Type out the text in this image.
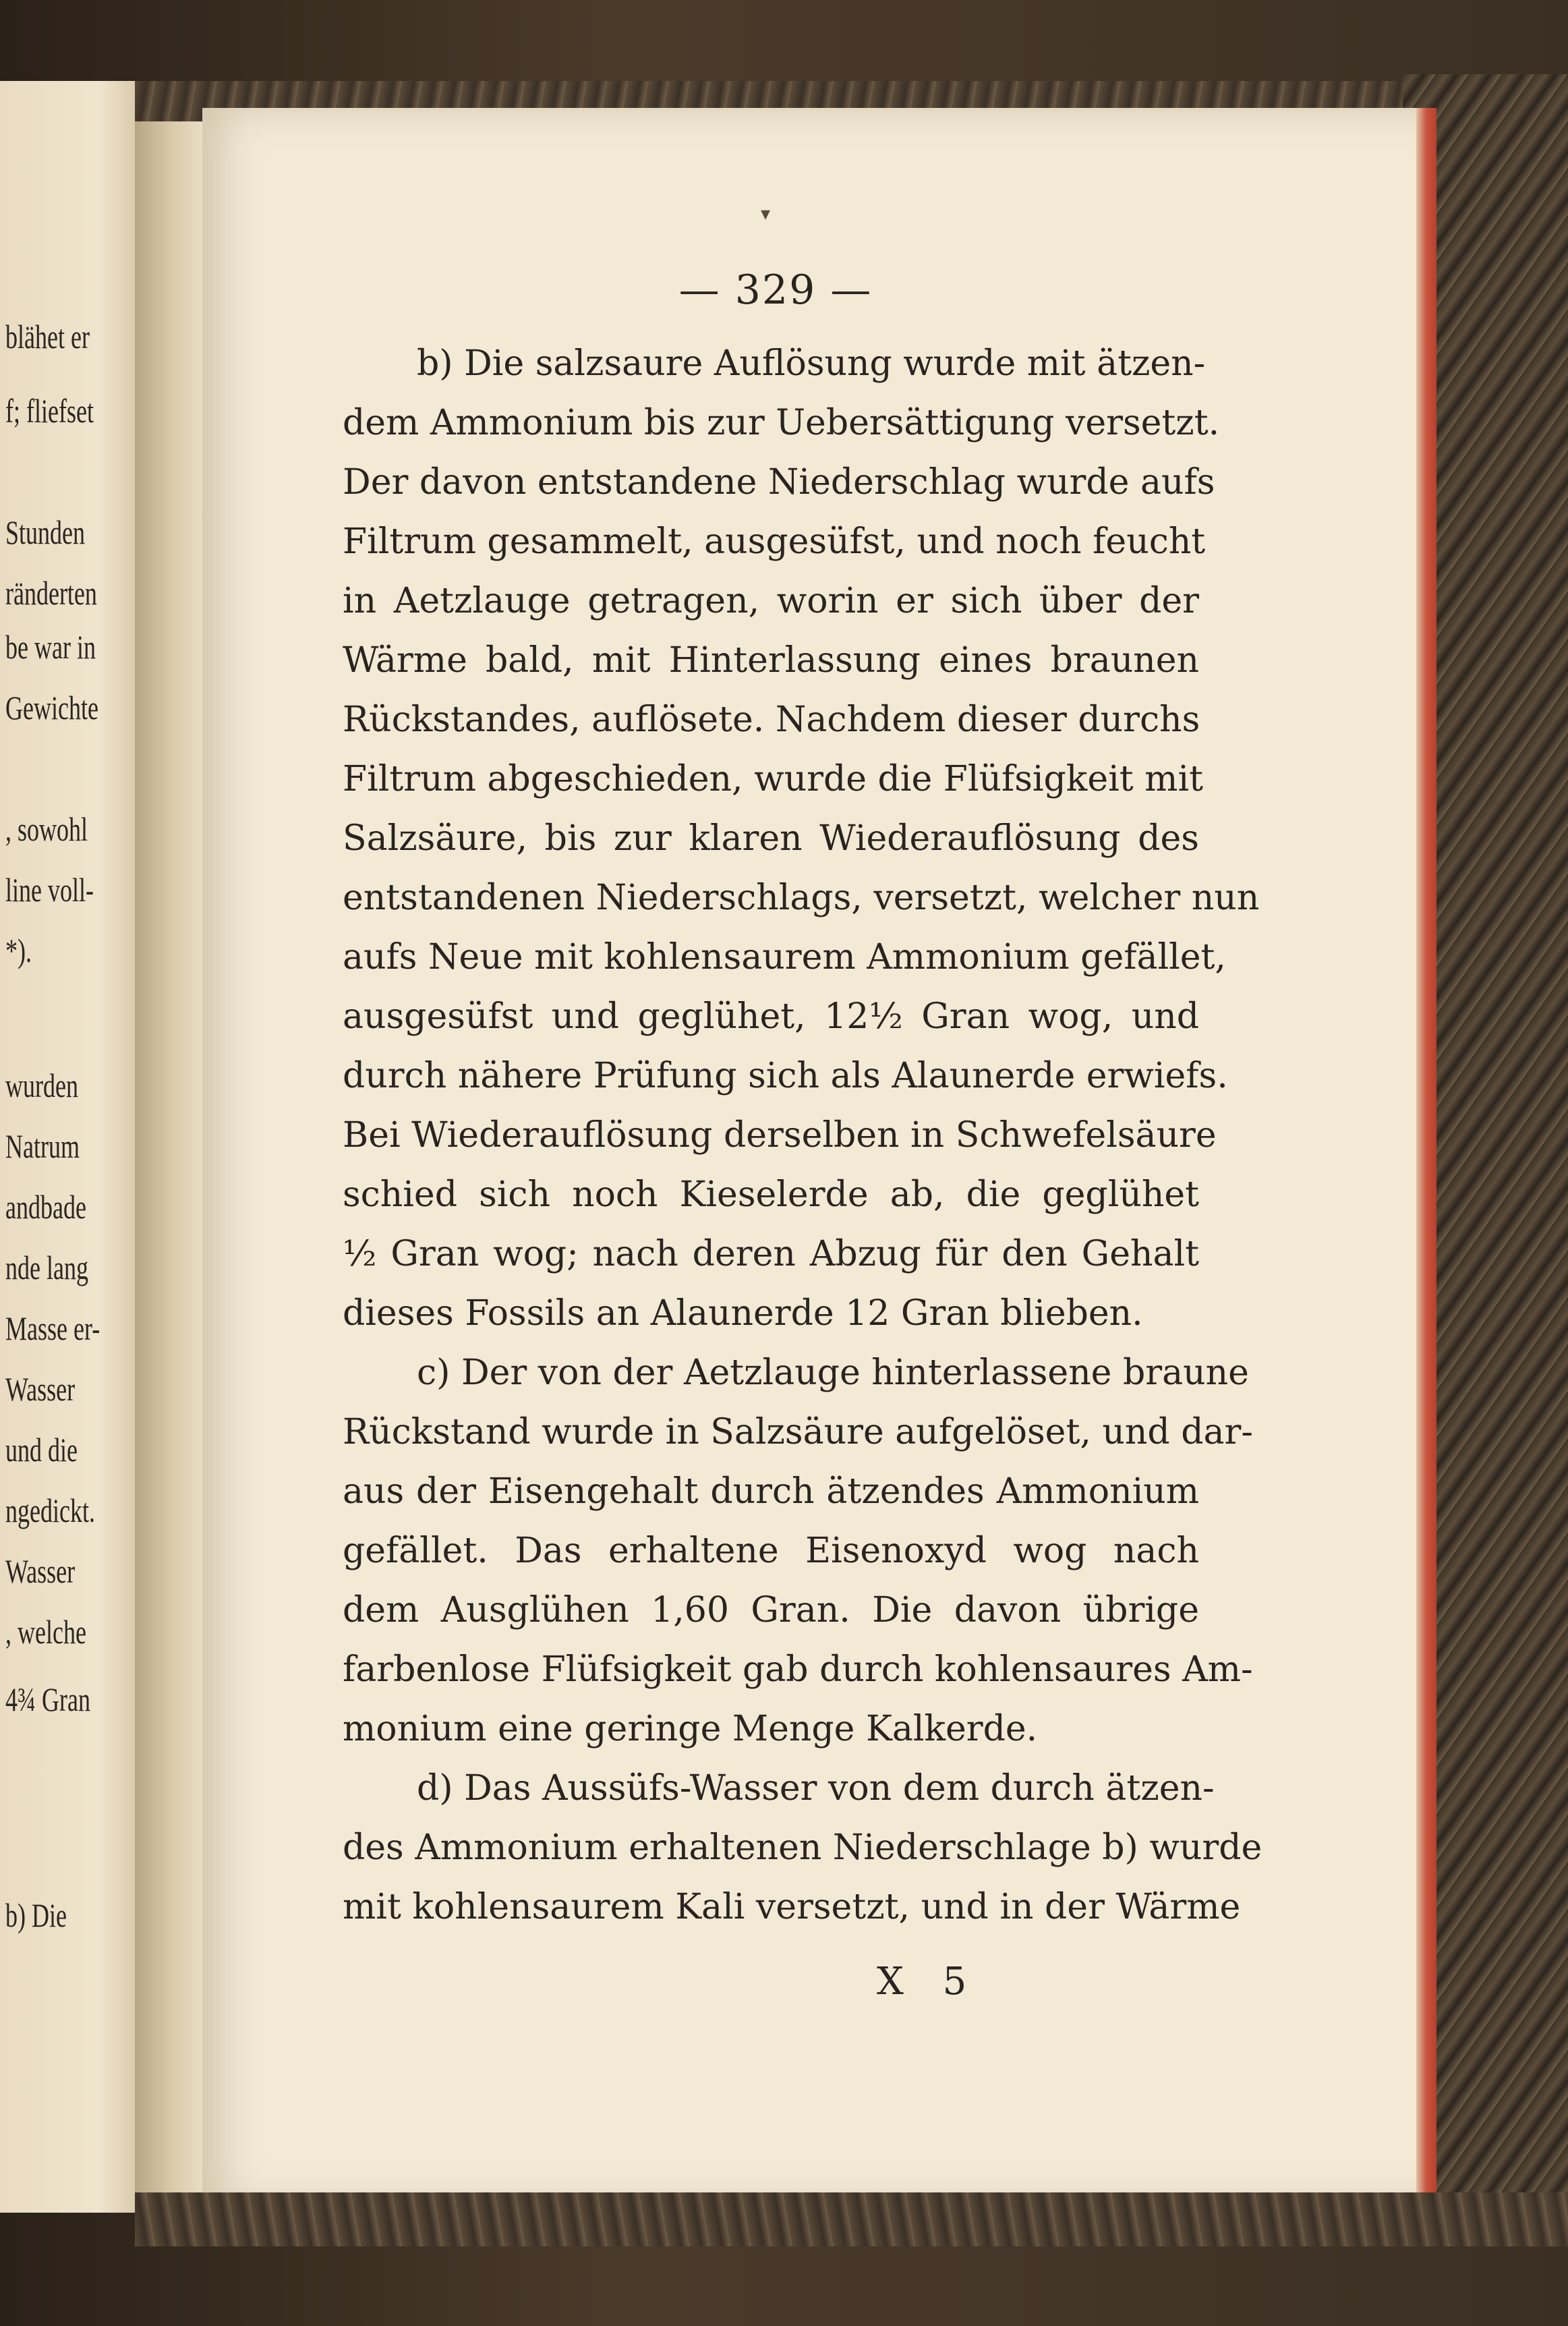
blähet er
f; fliefset
Stunden
ränderten
be war in
Gewichte
, sowohl
line voll-
*).
wurden
Natrum
andbade
nde lang
Masse er-
Wasser
und die
ngedickt.
Wasser
, welche
4¾ Gran
b) Die
▾
— 329 —
b) Die salzsaure Auflösung wurde mit ätzen-
dem Ammonium bis zur Uebersättigung versetzt.
Der davon entstandene Niederschlag wurde aufs
Filtrum gesammelt, ausgesüfst, und noch feucht
in Aetzlauge getragen, worin er sich über der
Wärme bald, mit Hinterlassung eines braunen
Rückstandes, auflösete. Nachdem dieser durchs
Filtrum abgeschieden, wurde die Flüfsigkeit mit
Salzsäure, bis zur klaren Wiederauflösung des
entstandenen Niederschlags, versetzt, welcher nun
aufs Neue mit kohlensaurem Ammonium gefället,
ausgesüfst und geglühet, 12½ Gran wog, und
durch nähere Prüfung sich als Alaunerde erwiefs.
Bei Wiederauflösung derselben in Schwefelsäure
schied sich noch Kieselerde ab, die geglühet
½ Gran wog; nach deren Abzug für den Gehalt
dieses Fossils an Alaunerde 12 Gran blieben.
c) Der von der Aetzlauge hinterlassene braune
Rückstand wurde in Salzsäure aufgelöset, und dar-
aus der Eisengehalt durch ätzendes Ammonium
gefället. Das erhaltene Eisenoxyd wog nach
dem Ausglühen 1,60 Gran. Die davon übrige
farbenlose Flüfsigkeit gab durch kohlensaures Am-
monium eine geringe Menge Kalkerde.
d) Das Aussüfs-Wasser von dem durch ätzen-
des Ammonium erhaltenen Niederschlage b) wurde
mit kohlensaurem Kali versetzt, und in der Wärme
X 5
